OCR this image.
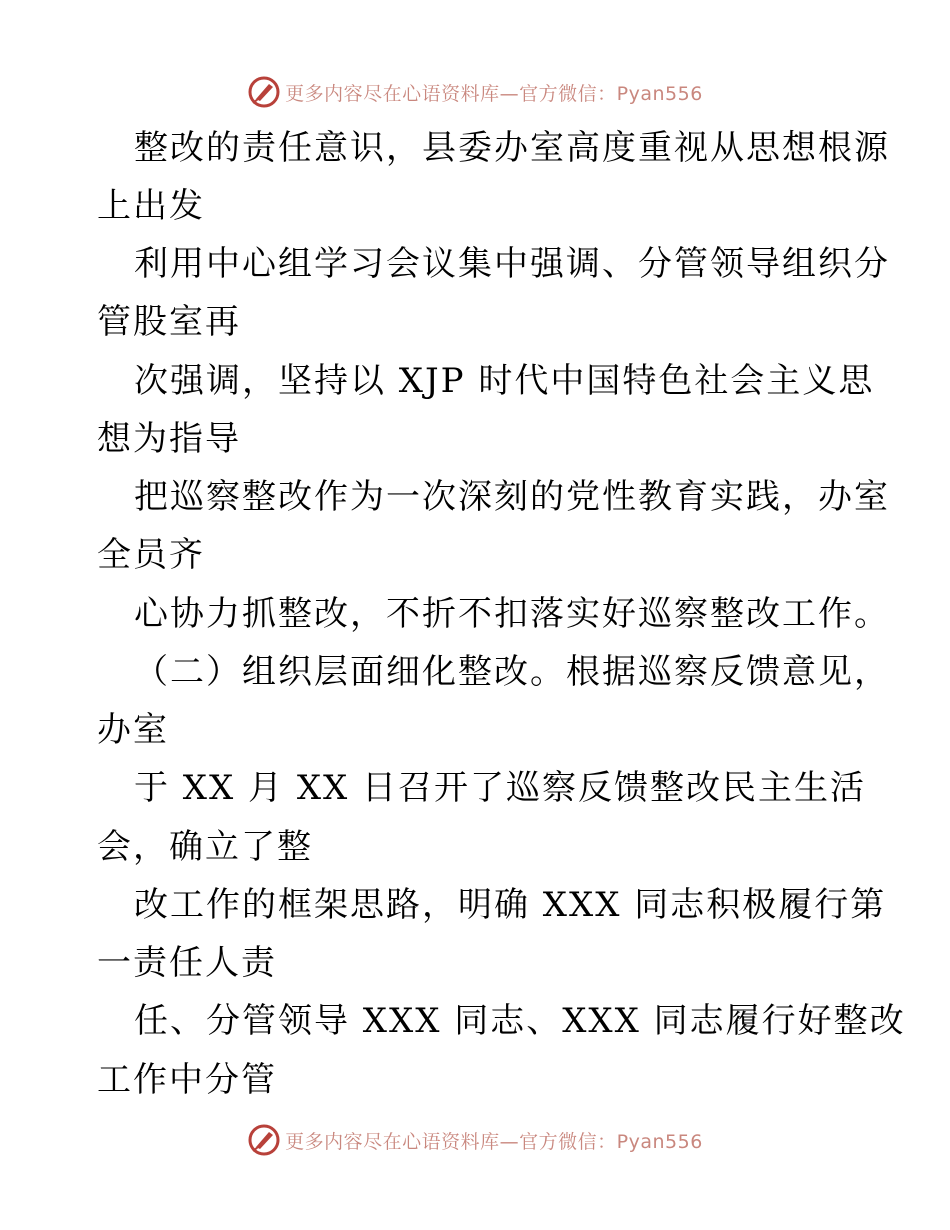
更多内容尽在心语资料库—官方微信：Pyan556
整改的责任意识，县委办室高度重视从思想根源
上出发
利用中心组学习会议集中强调、分管领导组织分
管股室再
次强调，坚持以 XJP 时代中国特色社会主义思
想为指导
把巡察整改作为一次深刻的党性教育实践，办室
全员齐
心协力抓整改，不折不扣落实好巡察整改工作。
（二）组织层面细化整改。根据巡察反馈意见，
办室
于 XX 月 XX 日召开了巡察反馈整改民主生活
会，确立了整
改工作的框架思路，明确 XXX 同志积极履行第
一责任人责
任、分管领导 XXX 同志、XXX 同志履行好整改
工作中分管
更多内容尽在心语资料库—官方微信：Pyan556
